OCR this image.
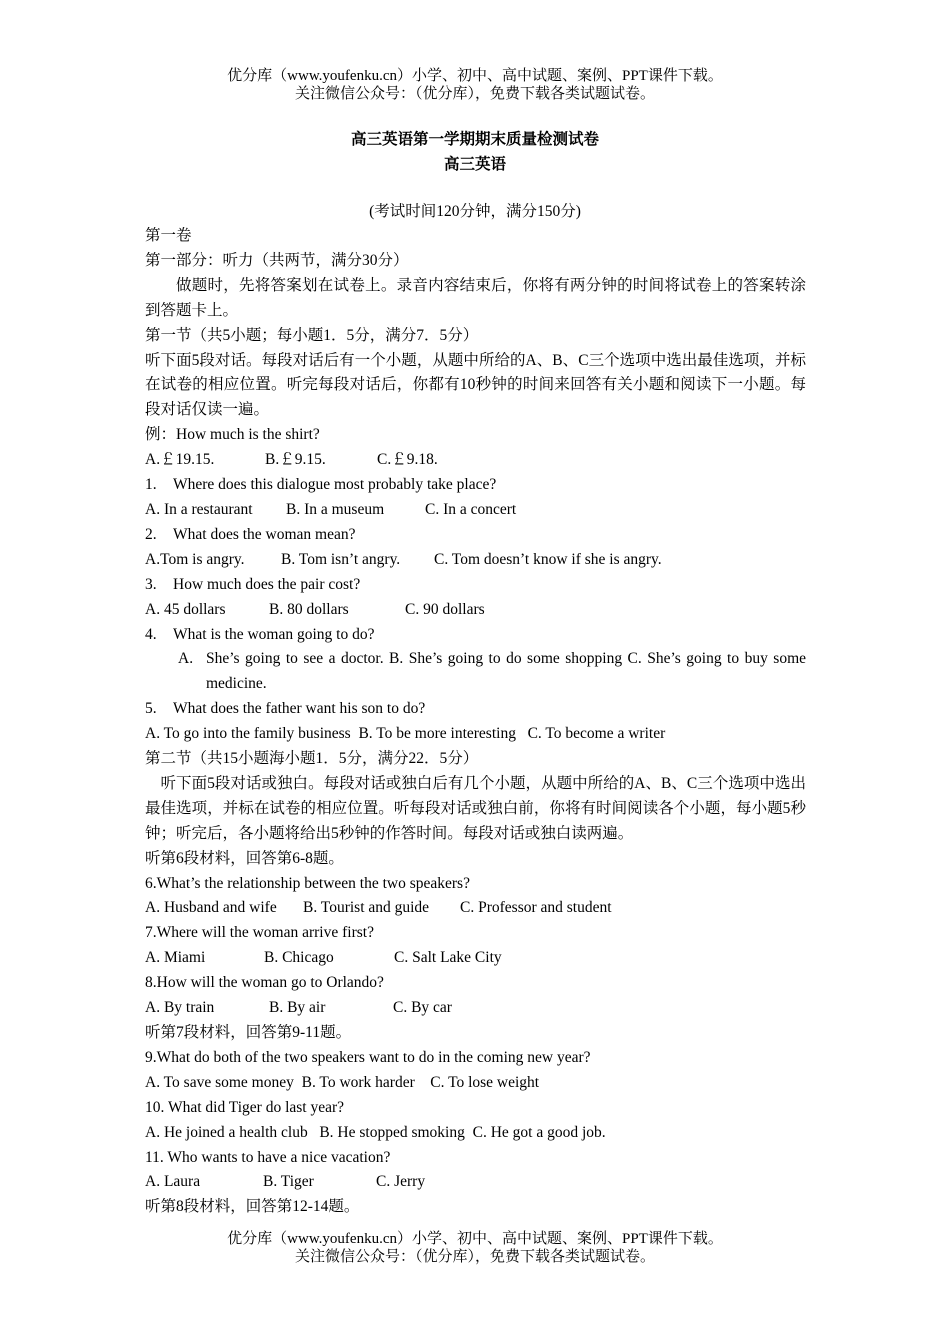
优分库（www.youfenku.cn）小学、初中、高中试题、案例、PPT课件下载。
关注微信公众号：（优分库），免费下载各类试题试卷。
高三英语第一学期期末质量检测试卷
高三英语
(考试时间120分钟，满分150分)

第一卷

第一部分：听力（共两节，满分30分）

做题时，先将答案划在试卷上。录音内容结束后，你将有两分钟的时间将试卷上的答案转涂到答题卡上。

第一节（共5小题；每小题1．5分，满分7．5分）

听下面5段对话。每段对话后有一个小题，从题中所给的A、B、C三个选项中选出最佳选项，并标在试卷的相应位置。听完每段对话后，你都有10秒钟的时间来回答有关小题和阅读下一小题。每段对话仅读一遍。

例：How much is the shirt?

A.￡19.15.	B.￡9.15.	C.￡9.18.

1. Where does this dialogue most probably take place?

A. In a restaurant B. In a museum	C. In a concert

2. What does the woman mean?

A.Tom is angry. B. Tom isn’t angry. C. Tom doesn’t know if she is angry.

3. How much does the pair cost?

A. 45 dollars	B. 80 dollars	C. 90 dollars

4. What is the woman going to do?

A. She’s going to see a doctor. B. She’s going to do some shopping C. She’s going to buy some medicine.

5. What does the father want his son to do?

A. To go into the family business B. To be more interesting C. To become a writer

第二节（共15小题海小题1．5分，满分22．5分）

听下面5段对话或独白。每段对话或独白后有几个小题，从题中所给的A、B、C三个选项中选出最佳选项，并标在试卷的相应位置。听每段对话或独白前，你将有时间阅读各个小题，每小题5秒钟；听完后，各小题将给出5秒钟的作答时间。每段对话或独白读两遍。

听第6段材料，回答第6-8题。

6.What’s the relationship between the two speakers?

A. Husband and wife B. Tourist and guide C. Professor and student

7.Where will the woman arrive first?

A. Miami	B. Chicago	C. Salt Lake City

8.How will the woman go to Orlando?

A. By train	B. By air	C. By car

听第7段材料，回答第9-11题。

9.What do both of the two speakers want to do in the coming new year?

A. To save some money B. To work harder C. To lose weight

10. What did Tiger do last year?

A. He joined a health club B. He stopped smoking C. He got a good job.

11. Who wants to have a nice vacation?

A. Laura	B. Tiger	C. Jerry

听第8段材料，回答第12-14题。

优分库（www.youfenku.cn）小学、初中、高中试题、案例、PPT课件下载。
关注微信公众号：（优分库），免费下载各类试题试卷。
